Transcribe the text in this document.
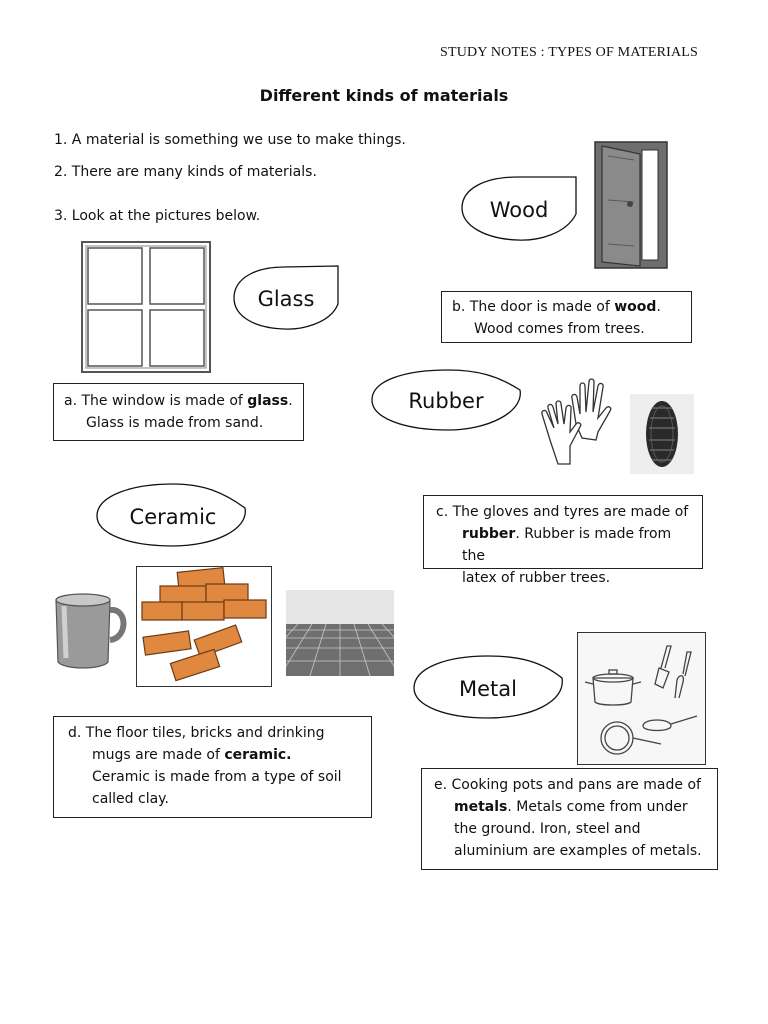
STUDY NOTES : TYPES OF MATERIALS
Different kinds of materials
1. A material is something we use to make things.
2. There are many kinds of materials.
3. Look at the pictures below.
Glass
a. The window is made of glass.
Glass is made from sand.
Wood
b. The door is made of wood.
Wood comes from trees.
Rubber
c. The gloves and tyres are made of
rubber. Rubber is made from the
latex of rubber trees.
Ceramic
d. The floor tiles, bricks and drinking
mugs are made of ceramic.
Ceramic is made from a type of soil
called clay.
Metal
e. Cooking pots and pans are made of
metals. Metals come from under
the ground. Iron, steel and
aluminium are examples of metals.
